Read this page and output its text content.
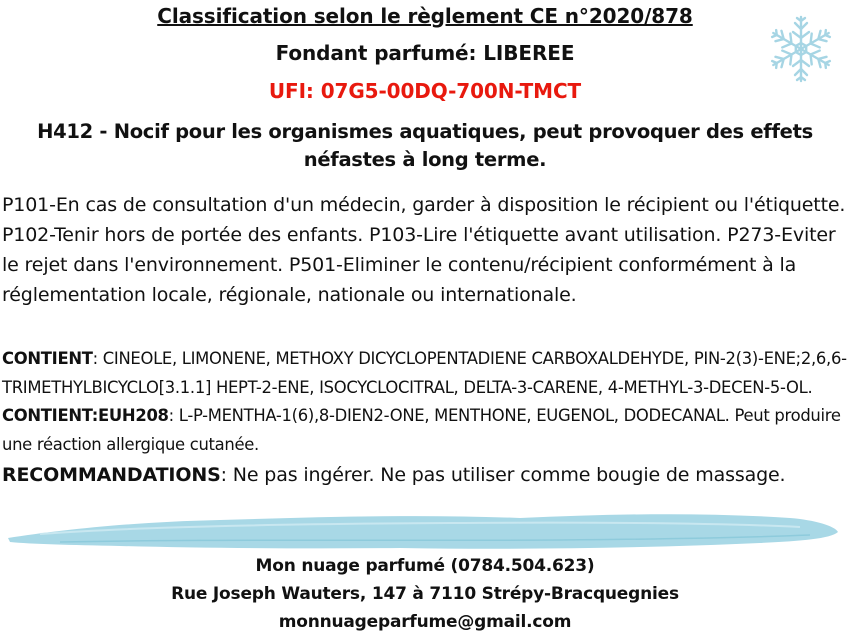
Classification selon le règlement CE n°2020/878
Fondant parfumé: LIBEREE
UFI: 07G5-00DQ-700N-TMCT
H412 - Nocif pour les organismes aquatiques, peut provoquer des effets néfastes à long terme.
P101-En cas de consultation d'un médecin, garder à disposition le récipient ou l'étiquette. P102-Tenir hors de portée des enfants. P103-Lire l'étiquette avant utilisation. P273-Eviter le rejet dans l'environnement. P501-Eliminer le contenu/récipient conformément à la réglementation locale, régionale, nationale ou internationale.
CONTIENT: CINEOLE, LIMONENE, METHOXY DICYCLOPENTADIENE CARBOXALDEHYDE, PIN-2(3)-ENE;2,6,6- TRIMETHYLBICYCLO[3.1.1] HEPT-2-ENE, ISOCYCLOCITRAL, DELTA-3-CARENE, 4-METHYL-3-DECEN-5-OL. CONTIENT:EUH208: L-P-MENTHA-1(6),8-DIEN2-ONE, MENTHONE, EUGENOL, DODECANAL. Peut produire une réaction allergique cutanée.
RECOMMANDATIONS: Ne pas ingérer. Ne pas utiliser comme bougie de massage.
Mon nuage parfumé (0784.504.623)
Rue Joseph Wauters, 147 à 7110 Strépy-Bracquegnies
monnuageparfume@gmail.com
